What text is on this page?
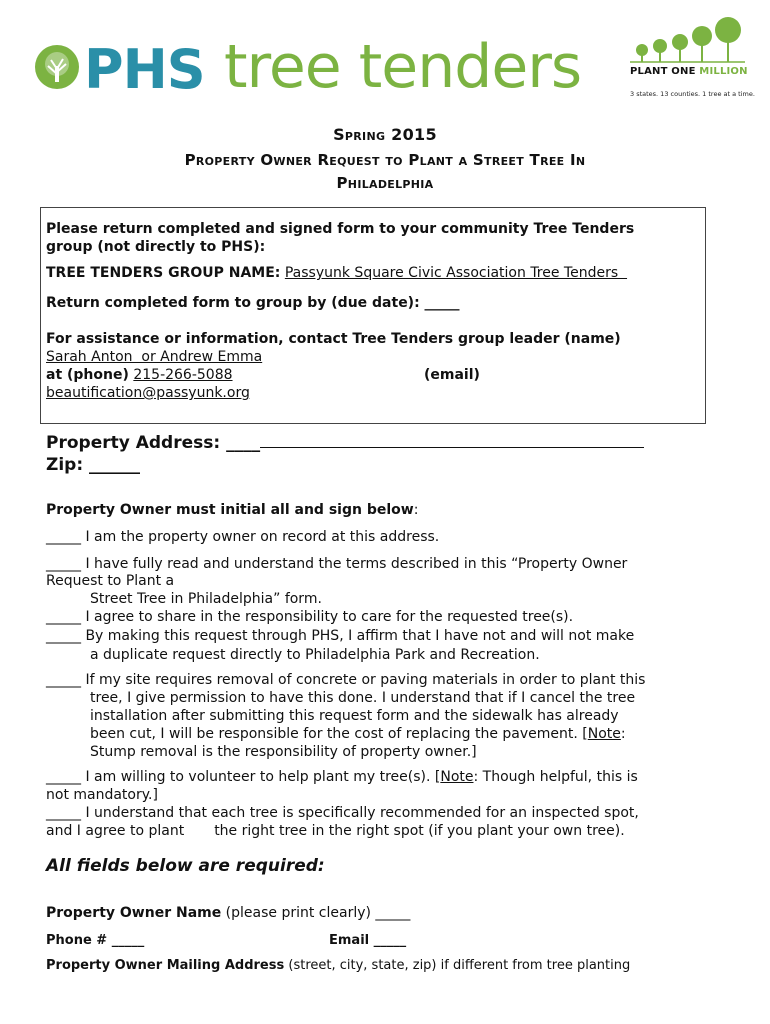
PHS tree tenders	PLANT ONE MILLION
3 states. 13 counties. 1 tree at a time.
Spring 2015
Property Owner Request to Plant a Street Tree In
Philadelphia
Please return completed and signed form to your community Tree Tenders
group (not directly to PHS):
TREE TENDERS GROUP NAME: Passyunk Square Civic Association Tree Tenders
Return completed form to group by (due date): _____
For assistance or information, contact Tree Tenders group leader (name)
Sarah Anton  or Andrew Emma
at (phone) 215-266-5088	(email)
beautification@passyunk.org
Property Address: ____
Zip: ______
Property Owner must initial all and sign below:
_____ I am the property owner on record at this address.
_____ I have fully read and understand the terms described in this “Property Owner
Request to Plant a
Street Tree in Philadelphia” form.
_____ I agree to share in the responsibility to care for the requested tree(s).
_____ By making this request through PHS, I affirm that I have not and will not make
a duplicate request directly to Philadelphia Park and Recreation.
_____ If my site requires removal of concrete or paving materials in order to plant this
tree, I give permission to have this done. I understand that if I cancel the tree
installation after submitting this request form and the sidewalk has already
been cut, I will be responsible for the cost of replacing the pavement. [Note:
Stump removal is the responsibility of property owner.]
_____ I am willing to volunteer to help plant my tree(s). [Note: Though helpful, this is
not mandatory.]
_____ I understand that each tree is specifically recommended for an inspected spot,
and I agree to plant the right tree in the right spot (if you plant your own tree).
All fields below are required:
Property Owner Name (please print clearly) _____
Phone # _____	Email _____
Property Owner Mailing Address (street, city, state, zip) if different from tree planting
